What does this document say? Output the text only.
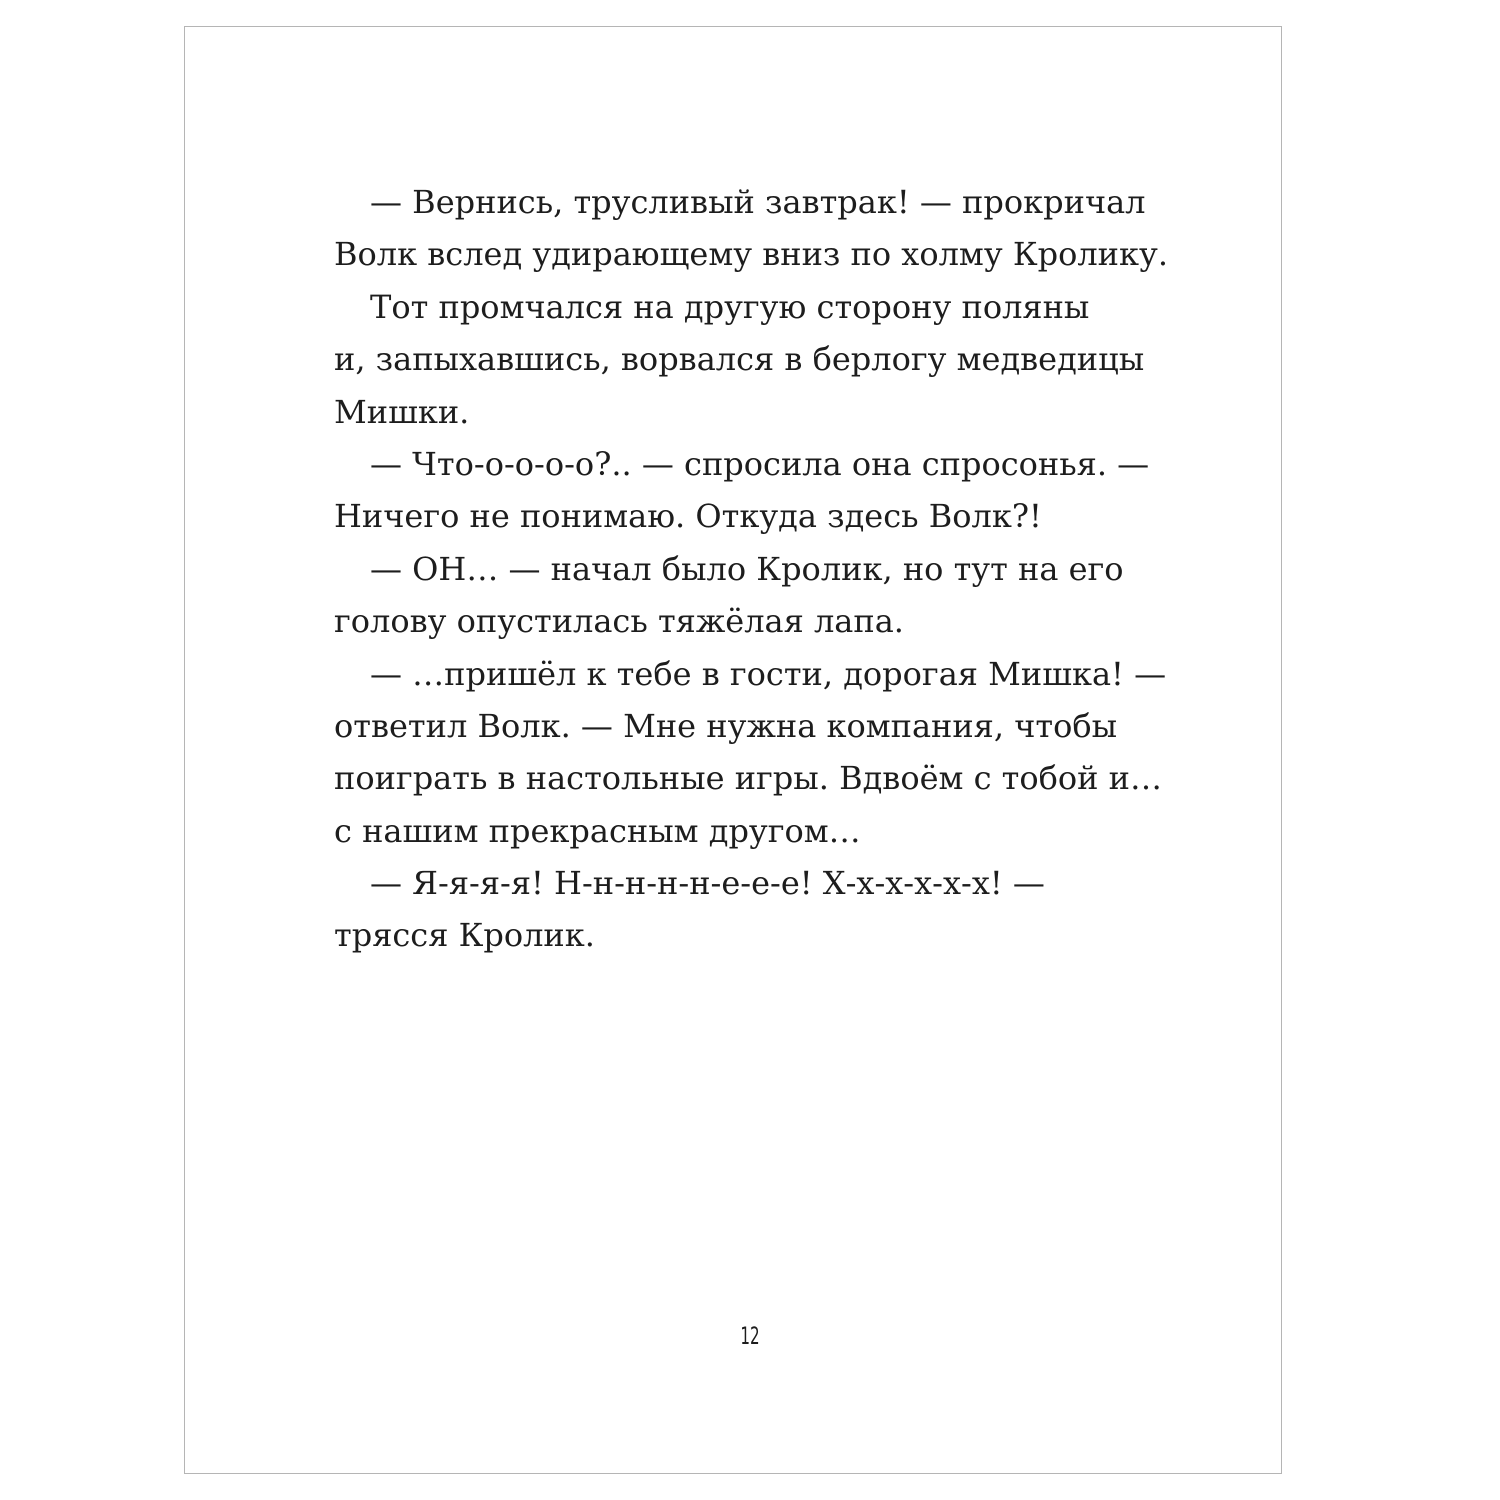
— Вернись, трусливый завтрак! — прокричал
Волк вслед удирающему вниз по холму Кролику.
Тот промчался на другую сторону поляны
и, запыхавшись, ворвался в берлогу медведицы
Мишки.
— Что-о-о-о-о?.. — спросила она спросонья. —
Ничего не понимаю. Откуда здесь Волк?!
— ОН… — начал было Кролик, но тут на его
голову опустилась тяжёлая лапа.
— …пришёл к тебе в гости, дорогая Мишка! —
ответил Волк. — Мне нужна компания, чтобы
поиграть в настольные игры. Вдвоём с тобой и…
с нашим прекрасным другом…
— Я-я-я-я! Н-н-н-н-н-е-е-е! Х-х-х-х-х-х! —
трясся Кролик.
12
